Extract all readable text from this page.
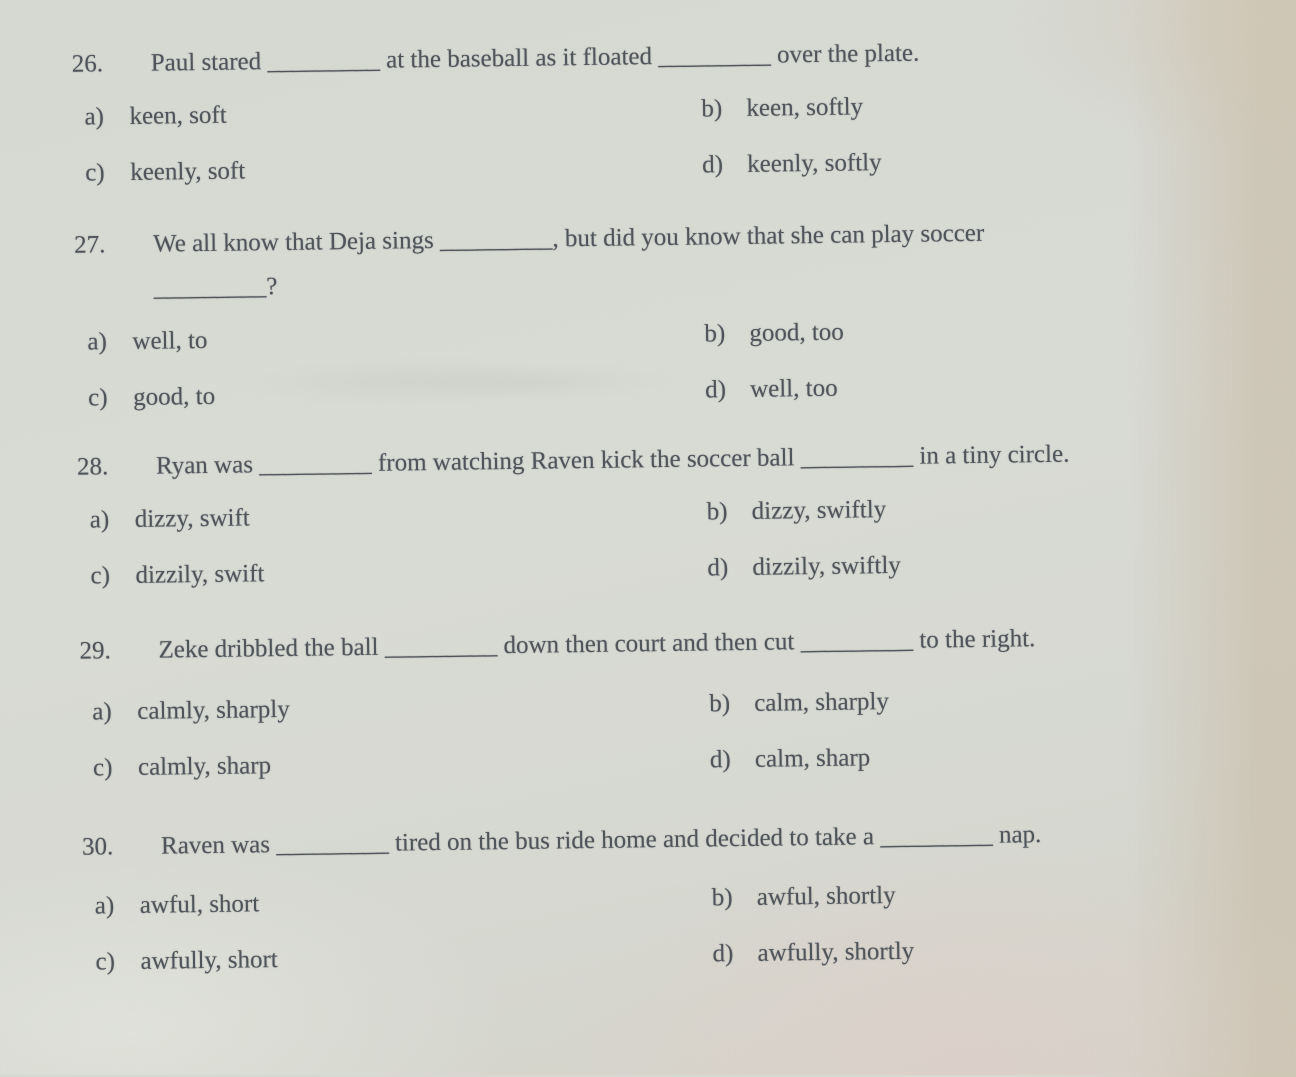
26. Paul stared _________ at the baseball as it floated _________ over the plate.
a) keen, soft	b) keen, softly
c) keenly, soft	d) keenly, softly
27. We all know that Deja sings _________, but did you know that she can play soccer
_________?
a) well, to	b) good, too
c) good, to	d) well, too
28. Ryan was _________ from watching Raven kick the soccer ball _________ in a tiny circle.
a) dizzy, swift	b) dizzy, swiftly
c) dizzily, swift	d) dizzily, swiftly
29. Zeke dribbled the ball _________ down then court and then cut _________ to the right.
a) calmly, sharply	b) calm, sharply
c) calmly, sharp	d) calm, sharp
30. Raven was _________ tired on the bus ride home and decided to take a _________ nap.
a) awful, short	b) awful, shortly
c) awfully, short	d) awfully, shortly
